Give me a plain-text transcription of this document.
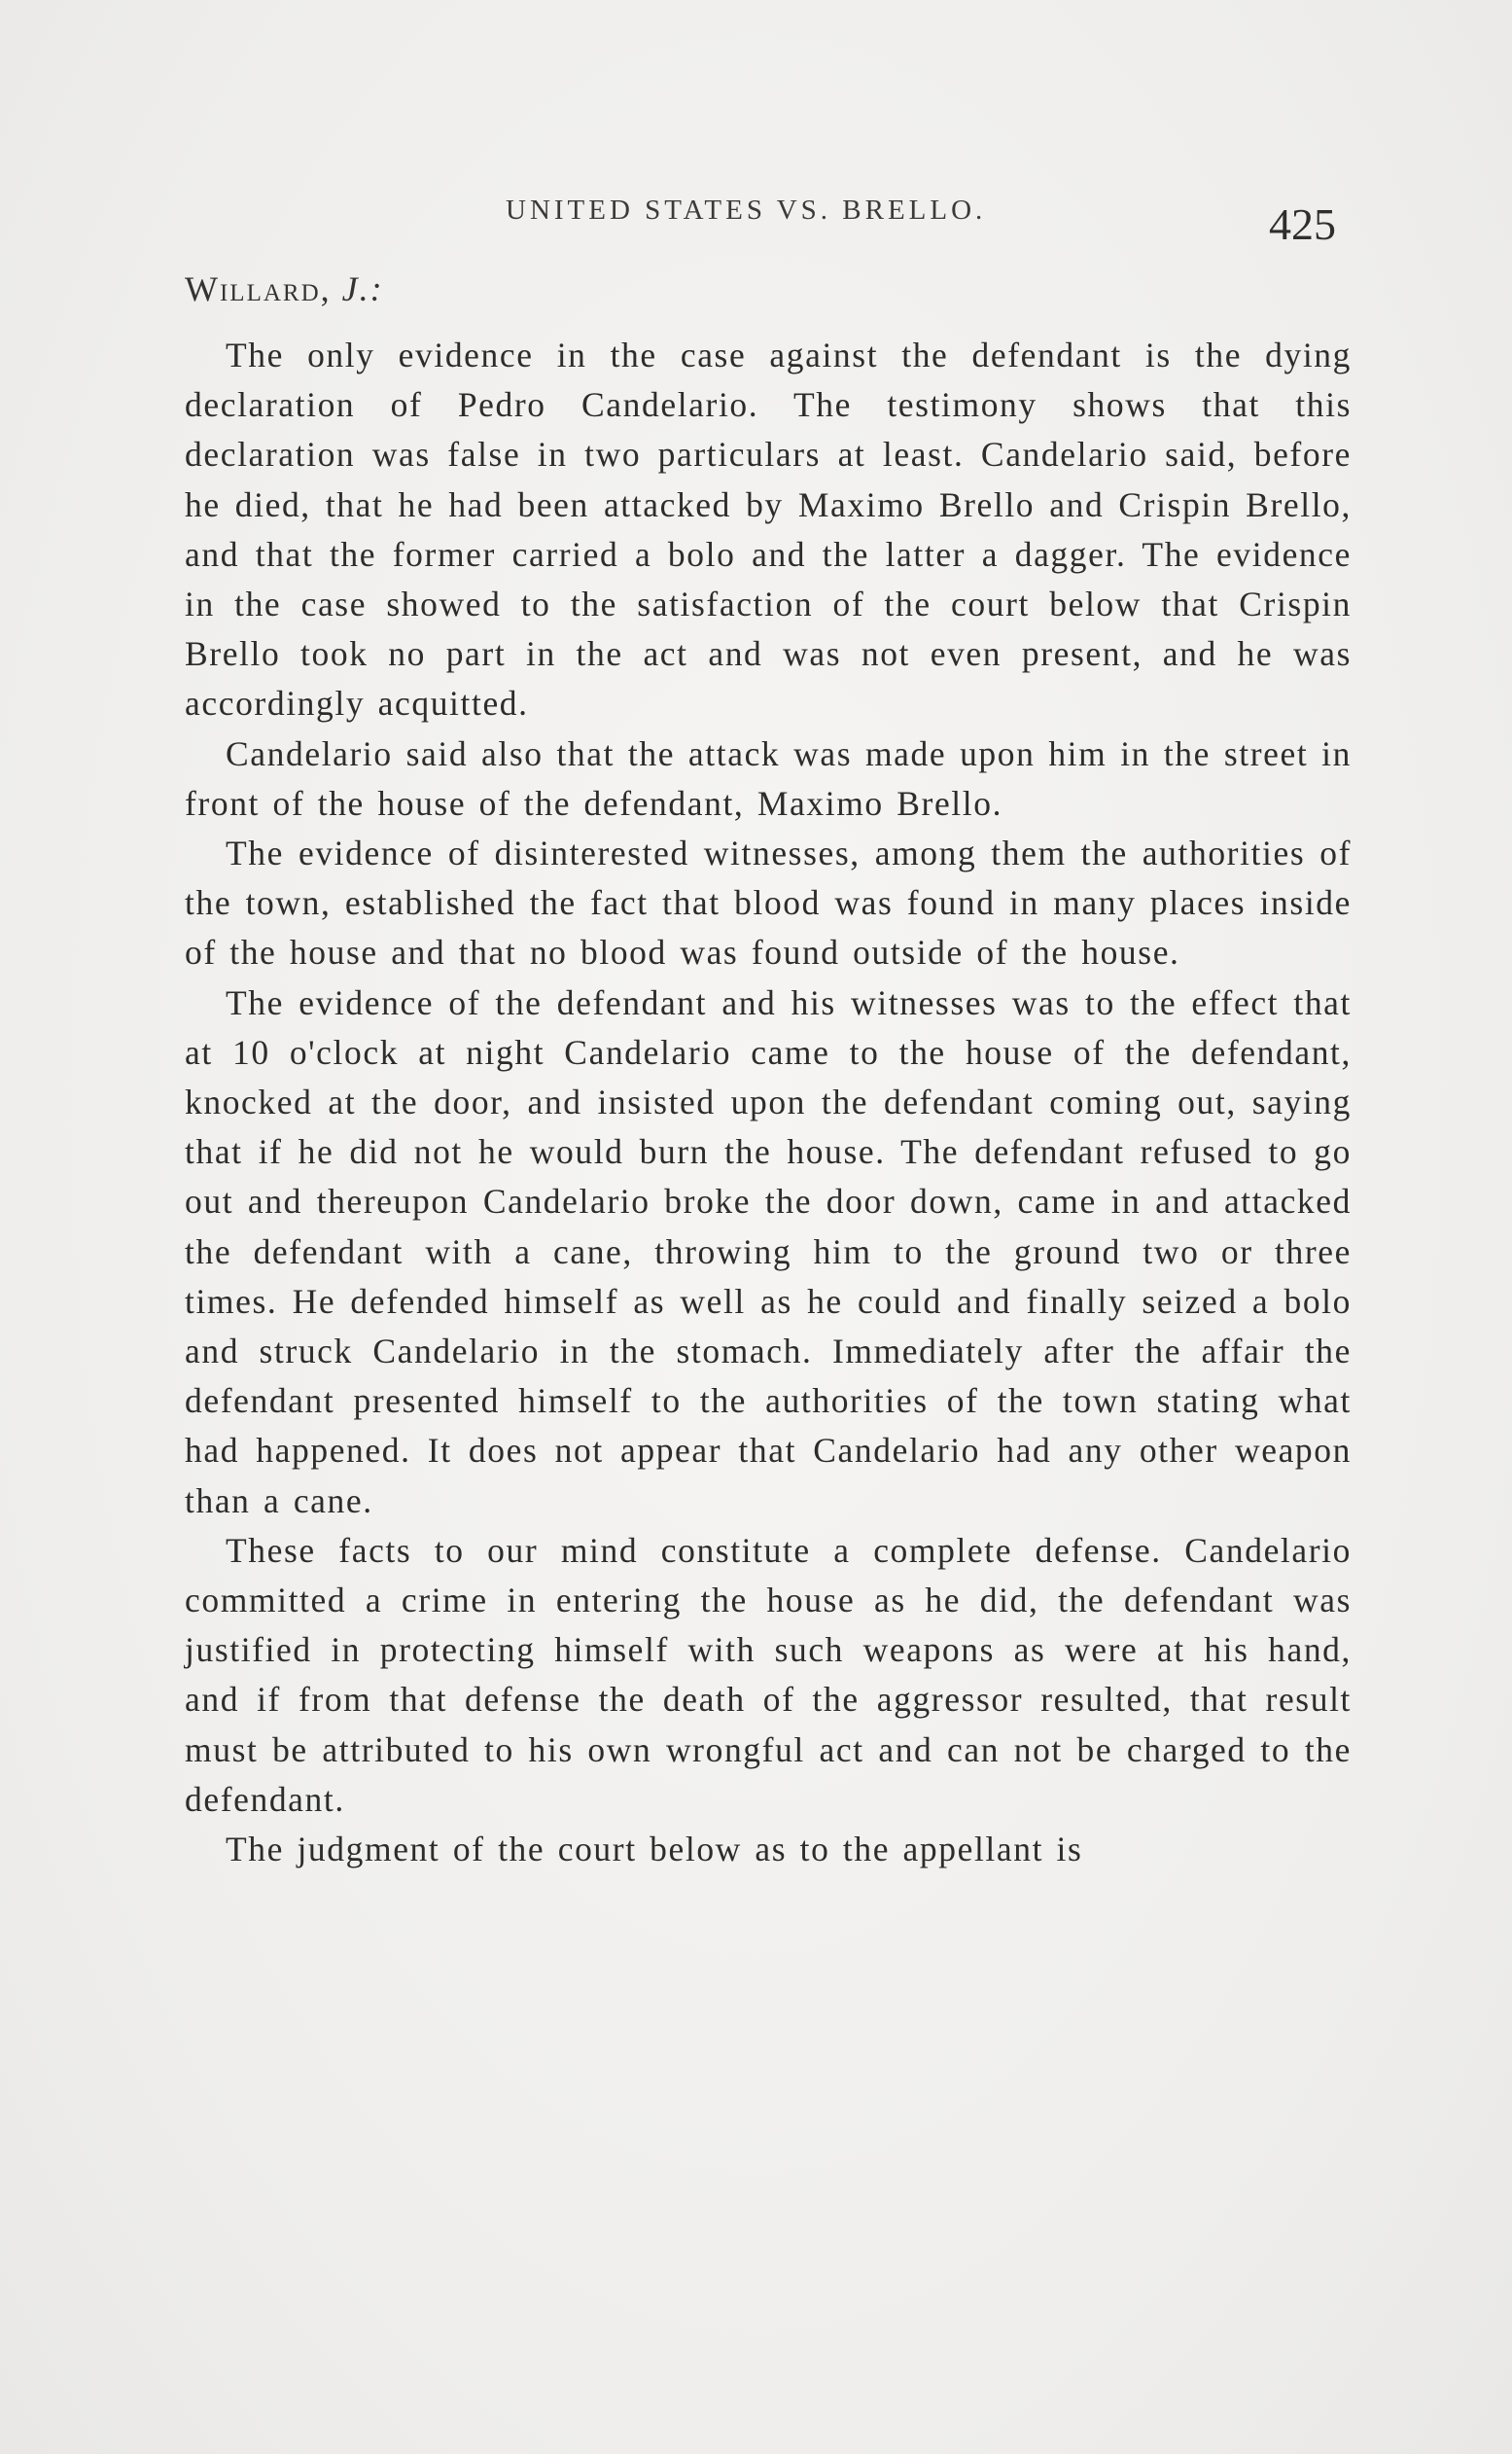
UNITED STATES VS. BRELLO.	425
Willard, J.:

The only evidence in the case against the defendant is the dying declaration of Pedro Candelario. The testimony shows that this declaration was false in two particulars at least. Candelario said, before he died, that he had been attacked by Maximo Brello and Crispin Brello, and that the former carried a bolo and the latter a dagger. The evidence in the case showed to the satisfaction of the court below that Crispin Brello took no part in the act and was not even present, and he was accordingly acquitted.

Candelario said also that the attack was made upon him in the street in front of the house of the defendant, Maximo Brello.

The evidence of disinterested witnesses, among them the authorities of the town, established the fact that blood was found in many places inside of the house and that no blood was found outside of the house.

The evidence of the defendant and his witnesses was to the effect that at 10 o'clock at night Candelario came to the house of the defendant, knocked at the door, and insisted upon the defendant coming out, saying that if he did not he would burn the house. The defendant refused to go out and thereupon Candelario broke the door down, came in and attacked the defendant with a cane, throwing him to the ground two or three times. He defended himself as well as he could and finally seized a bolo and struck Candelario in the stomach. Immediately after the affair the defendant presented himself to the authorities of the town stating what had happened. It does not appear that Candelario had any other weapon than a cane.

These facts to our mind constitute a complete defense. Candelario committed a crime in entering the house as he did, the defendant was justified in protecting himself with such weapons as were at his hand, and if from that defense the death of the aggressor resulted, that result must be attributed to his own wrongful act and can not be charged to the defendant.

The judgment of the court below as to the appellant is
